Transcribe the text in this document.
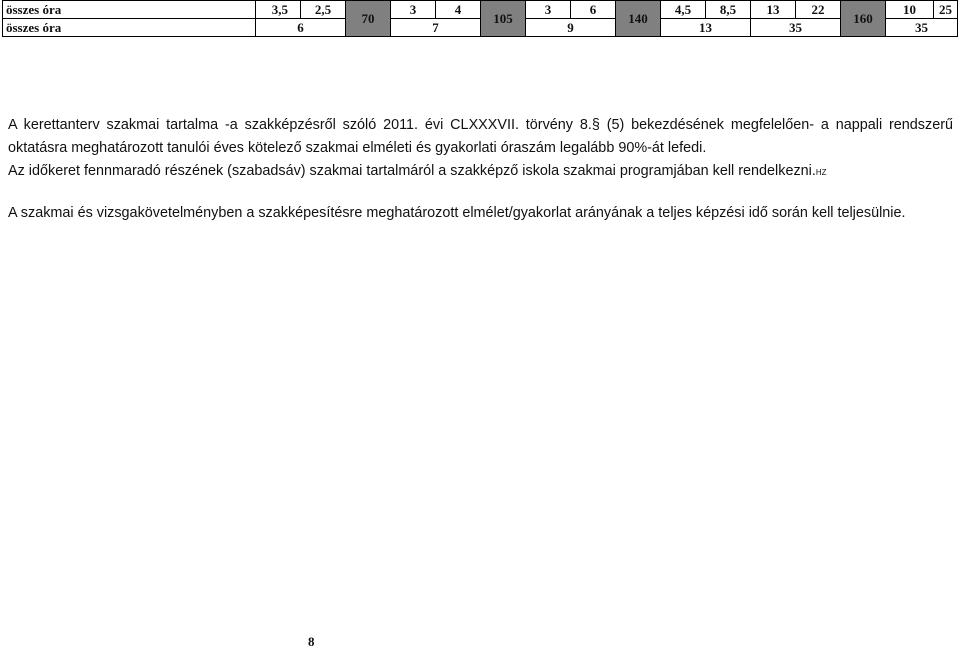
összes óra	3,5	2,5	70	3	4	105	3	6	140	4,5	8,5	13	22	160	10	25
összes óra	6			7			9			13		35			35	

A kerettanterv szakmai tartalma -a szakképzésről szóló 2011. évi CLXXXVII. törvény 8.§ (5) bekezdésének megfelelően- a nappali rendszerű oktatásra meghatározott tanulói éves kötelező szakmai elméleti és gyakorlati óraszám legalább 90%-át lefedi.

Az időkeret fennmaradó részének (szabadsáv) szakmai tartalmáról a szakképző iskola szakmai programjában kell rendelkezni.HZ

A szakmai és vizsgakövetelményben a szakképesítésre meghatározott elmélet/gyakorlat arányának a teljes képzési idő során kell teljesülnie.

8
